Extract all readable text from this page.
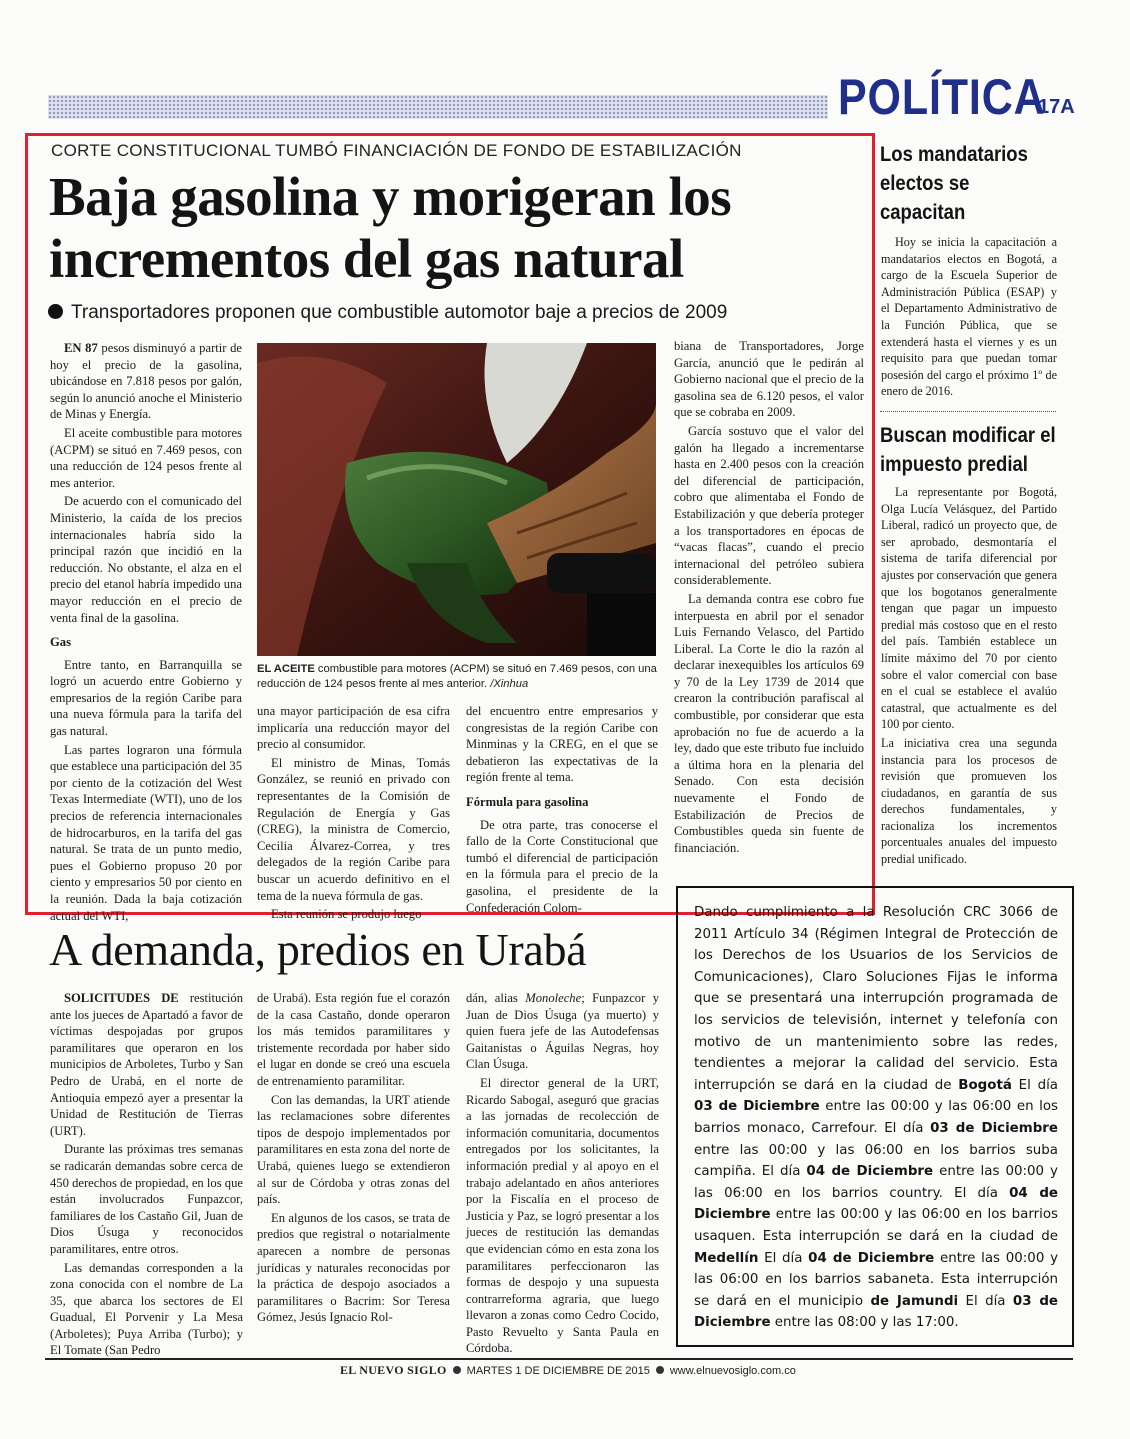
POLÍTICA
17A
CORTE CONSTITUCIONAL TUMBÓ FINANCIACIÓN DE FONDO DE ESTABILIZACIÓN
Baja gasolina y morigeran los incrementos del gas natural
Transportadores proponen que combustible automotor baje a precios de 2009

EN 87 pesos disminuyó a partir de hoy el precio de la gasolina, ubicándose en 7.818 pesos por galón, según lo anunció anoche el Ministerio de Minas y Energía.

El aceite combustible para motores (ACPM) se situó en 7.469 pesos, con una reducción de 124 pesos frente al mes anterior.

De acuerdo con el comunicado del Ministerio, la caída de los precios internacionales habría sido la principal razón que incidió en la reducción. No obstante, el alza en el precio del etanol habría impedido una mayor reducción en el precio de venta final de la gasolina.

Gas

Entre tanto, en Barranquilla se logró un acuerdo entre Gobierno y empresarios de la región Caribe para una nueva fórmula para la tarifa del gas natural.

Las partes lograron una fórmula que establece una participación del 35 por ciento de la cotización del West Texas Intermediate (WTI), uno de los precios de referencia internacionales de hidrocarburos, en la tarifa del gas natural. Se trata de un punto medio, pues el Gobierno propuso 20 por ciento y empresarios 50 por ciento en la reunión. Dada la baja cotización actual del WTI,

EL ACEITE combustible para motores (ACPM) se situó en 7.469 pesos, con una reducción de 124 pesos frente al mes anterior. /Xinhua

una mayor participación de esa cifra implicaría una reducción mayor del precio al consumidor.

El ministro de Minas, Tomás González, se reunió en privado con representantes de la Comisión de Regulación de Energía y Gas (CREG), la ministra de Comercio, Cecilia Álvarez-Correa, y tres delegados de la región Caribe para buscar un acuerdo definitivo en el tema de la nueva fórmula de gas.

Esta reunión se produjo luego

del encuentro entre empresarios y congresistas de la región Caribe con Minminas y la CREG, en el que se debatieron las expectativas de la región frente al tema.

Fórmula para gasolina

De otra parte, tras conocerse el fallo de la Corte Constitucional que tumbó el diferencial de participación en la fórmula para el precio de la gasolina, el presidente de la Confederación Colom-

biana de Transportadores, Jorge García, anunció que le pedirán al Gobierno nacional que el precio de la gasolina sea de 6.120 pesos, el valor que se cobraba en 2009.

García sostuvo que el valor del galón ha llegado a incrementarse hasta en 2.400 pesos con la creación del diferencial de participación, cobro que alimentaba el Fondo de Estabilización y que debería proteger a los transportadores en épocas de “vacas flacas”, cuando el precio internacional del petróleo subiera considerablemente.

La demanda contra ese cobro fue interpuesta en abril por el senador Luis Fernando Velasco, del Partido Liberal. La Corte le dio la razón al declarar inexequibles los artículos 69 y 70 de la Ley 1739 de 2014 que crearon la contribución parafiscal al combustible, por considerar que esta aprobación no fue de acuerdo a la ley, dado que este tributo fue incluido a última hora en la plenaria del Senado. Con esta decisión nuevamente el Fondo de Estabilización de Precios de Combustibles queda sin fuente de financiación.

Los mandatarios electos se capacitan

Hoy se inicia la capacitación a mandatarios electos en Bogotá, a cargo de la Escuela Superior de Administración Pública (ESAP) y el Departamento Administrativo de la Función Pública, que se extenderá hasta el viernes y es un requisito para que puedan tomar posesión del cargo el próximo 1º de enero de 2016.

Buscan modificar el impuesto predial

La representante por Bogotá, Olga Lucía Velásquez, del Partido Liberal, radicó un proyecto que, de ser aprobado, desmontaría el sistema de tarifa diferencial por ajustes por conservación que genera que los bogotanos generalmente tengan que pagar un impuesto predial más costoso que en el resto del país. También establece un límite máximo del 70 por ciento sobre el valor comercial con base en el cual se establece el avalúo catastral, que actualmente es del 100 por ciento.

La iniciativa crea una segunda instancia para los procesos de revisión que promueven los ciudadanos, en garantía de sus derechos fundamentales, y racionaliza los incrementos porcentuales anuales del impuesto predial unificado.

A demanda, predios en Urabá

SOLICITUDES DE restitución ante los jueces de Apartadó a favor de víctimas despojadas por grupos paramilitares que operaron en los municipios de Arboletes, Turbo y San Pedro de Urabá, en el norte de Antioquia empezó ayer a presentar la Unidad de Restitución de Tierras (URT).

Durante las próximas tres semanas se radicarán demandas sobre cerca de 450 derechos de propiedad, en los que están involucrados Funpazcor, familiares de los Castaño Gil, Juan de Dios Úsuga y reconocidos paramilitares, entre otros.

Las demandas corresponden a la zona conocida con el nombre de La 35, que abarca los sectores de El Guadual, El Porvenir y La Mesa (Arboletes); Puya Arriba (Turbo); y El Tomate (San Pedro

de Urabá). Esta región fue el corazón de la casa Castaño, donde operaron los más temidos paramilitares y tristemente recordada por haber sido el lugar en donde se creó una escuela de entrenamiento paramilitar.

Con las demandas, la URT atiende las reclamaciones sobre diferentes tipos de despojo implementados por paramilitares en esta zona del norte de Urabá, quienes luego se extendieron al sur de Córdoba y otras zonas del país.

En algunos de los casos, se trata de predios que registral o notarialmente aparecen a nombre de personas jurídicas y naturales reconocidas por la práctica de despojo asociados a paramilitares o Bacrim: Sor Teresa Gómez, Jesús Ignacio Rol-

dán, alias Monoleche; Funpazcor y Juan de Dios Úsuga (ya muerto) y quien fuera jefe de las Autodefensas Gaitanistas o Águilas Negras, hoy Clan Úsuga.

El director general de la URT, Ricardo Sabogal, aseguró que gracias a las jornadas de recolección de información comunitaria, documentos entregados por los solicitantes, la información predial y al apoyo en el trabajo adelantado en años anteriores por la Fiscalía en el proceso de Justicia y Paz, se logró presentar a los jueces de restitución las demandas que evidencian cómo en esta zona los paramilitares perfeccionaron las formas de despojo y una supuesta contrarreforma agraria, que luego llevaron a zonas como Cedro Cocido, Pasto Revuelto y Santa Paula en Córdoba.

Dando cumplimiento a la Resolución CRC 3066 de 2011 Artículo 34 (Régimen Integral de Protección de los Derechos de los Usuarios de los Servicios de Comunicaciones), Claro Soluciones Fijas le informa que se presentará una interrupción programada de los servicios de televisión, internet y telefonía con motivo de un mantenimiento sobre las redes, tendientes a mejorar la calidad del servicio. Esta interrupción se dará en la ciudad de Bogotá El día 03 de Diciembre entre las 00:00 y las 06:00 en los barrios monaco, Carrefour. El día 03 de Diciembre entre las 00:00 y las 06:00 en los barrios suba campiña. El día 04 de Diciembre entre las 00:00 y las 06:00 en los barrios country. El día 04 de Diciembre entre las 00:00 y las 06:00 en los barrios usaquen. Esta interrupción se dará en la ciudad de Medellín El día 04 de Diciembre entre las 00:00 y las 06:00 en los barrios sabaneta. Esta interrupción se dará en el municipio de Jamundi El día 03 de Diciembre entre las 08:00 y las 17:00.
EL NUEVO SIGLO MARTES 1 DE DICIEMBRE DE 2015 www.elnuevosiglo.com.co
